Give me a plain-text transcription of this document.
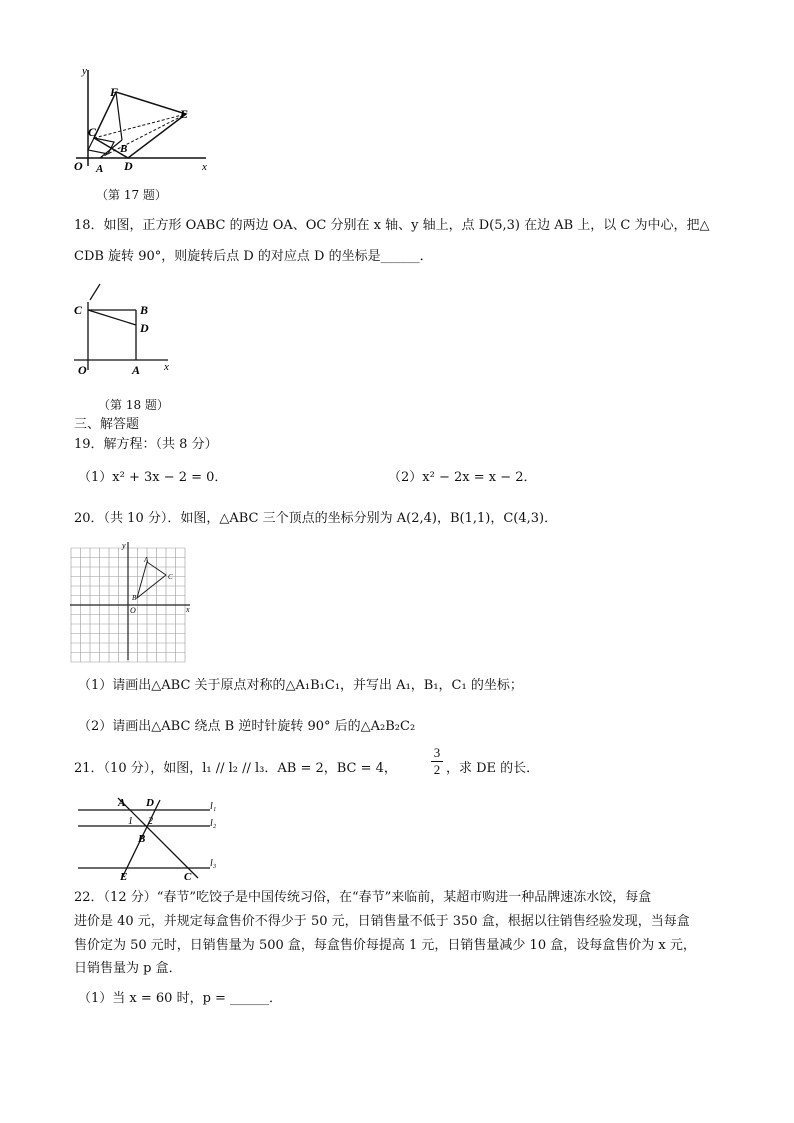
y
x
O A D
B
C
F
E
（第 17 题）
18．如图，正方形 OABC 的两边 OA、OC 分别在 x 轴、y 轴上，点 D(5,3) 在边 AB 上，以 C 为中心，把△
CDB 旋转 90°，则旋转后点 D 的对应点 D 的坐标是______．
C	B
D
O	A x
（第 18 题）
三、解答题
19．解方程：（共 8 分）
（1）x² + 3x − 2 = 0．	（2）x² − 2x = x − 2．
20．（共 10 分）．如图，△ABC 三个顶点的坐标分别为 A(2,4)，B(1,1)，C(4,3)．
y
x
O
A
B
C
（1）请画出△ABC 关于原点对称的△A₁B₁C₁，并写出 A₁，B₁，C₁ 的坐标；
（2）请画出△ABC 绕点 B 逆时针旋转 90° 后的△A₂B₂C₂
21．（10 分），如图，l₁ // l₂ // l₃．AB = 2，BC = 4，
3
2 ，求 DE 的长．
A D
1 2
B
E	C
l₁
l₂
l₃
22．（12 分）“春节”吃饺子是中国传统习俗，在“春节”来临前，某超市购进一种品牌速冻水饺，每盒
进价是 40 元，并规定每盒售价不得少于 50 元，日销售量不低于 350 盒，根据以往销售经验发现，当每盒
售价定为 50 元时，日销售量为 500 盒，每盒售价每提高 1 元，日销售量减少 10 盒，设每盒售价为 x 元，
日销售量为 p 盒．
（1）当 x = 60 时，p = ______．
